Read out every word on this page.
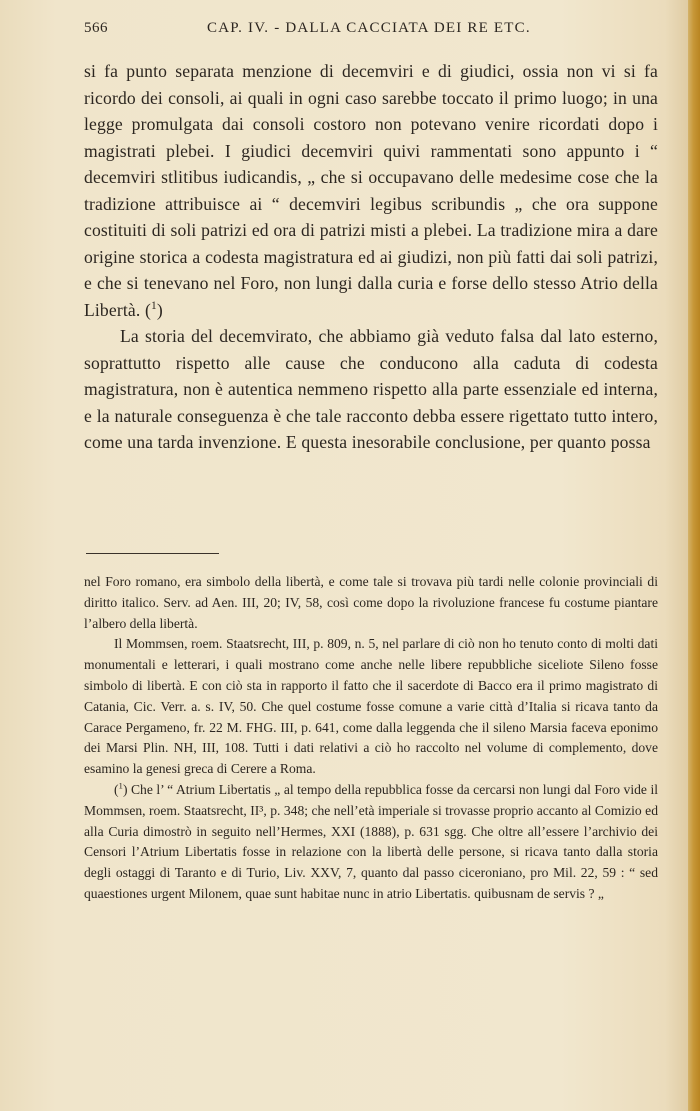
566	CAP. IV. - DALLA CACCIATA DEI RE ETC.

si fa punto separata menzione di decemviri e di giudici, ossia non vi si fa ricordo dei consoli, ai quali in ogni caso sarebbe toccato il primo luogo; in una legge promulgata dai consoli costoro non potevano venire ricordati dopo i magistrati plebei. I giudici decemviri quivi rammentati sono appunto i “ decemviri stlitibus iudicandis, „ che si occupavano delle medesime cose che la tradizione attribuisce ai “ decemviri legibus scribundis „ che ora suppone costituiti di soli patrizi ed ora di patrizi misti a plebei. La tradizione mira a dare origine storica a codesta magistratura ed ai giudizi, non più fatti dai soli patrizi, e che si tenevano nel Foro, non lungi dalla curia e forse dello stesso Atrio della Libertà. ($^1$)

La storia del decemvirato, che abbiamo già veduto falsa dal lato esterno, soprattutto rispetto alle cause che conducono alla caduta di codesta magistratura, non è autentica nemmeno rispetto alla parte essenziale ed interna, e la naturale conseguenza è che tale racconto debba essere rigettato tutto intero, come una tarda invenzione. E questa inesorabile conclusione, per quanto possa

nel Foro romano, era simbolo della libertà, e come tale si trovava più tardi nelle colonie provinciali di diritto italico. Serv. ad Aen. III, 20; IV, 58, così come dopo la rivoluzione francese fu costume piantare l’albero della libertà.

Il Mommsen, roem. Staatsrecht, III, p. 809, n. 5, nel parlare di ciò non ho tenuto conto di molti dati monumentali e letterari, i quali mostrano come anche nelle libere repubbliche siceliote Sileno fosse simbolo di libertà. E con ciò sta in rapporto il fatto che il sacerdote di Bacco era il primo magistrato di Catania, Cic. Verr. a. s. IV, 50. Che quel costume fosse comune a varie città d’Italia si ricava tanto da Carace Pergameno, fr. 22 M. FHG. III, p. 641, come dalla leggenda che il sileno Marsia faceva eponimo dei Marsi Plin. NH, III, 108. Tutti i dati relativi a ciò ho raccolto nel volume di complemento, dove esamino la genesi greca di Cerere a Roma.

($^1$) Che l’ “ Atrium Libertatis „ al tempo della repubblica fosse da cercarsi non lungi dal Foro vide il Mommsen, roem. Staatsrecht, II³, p. 348; che nell’età imperiale si trovasse proprio accanto al Comizio ed alla Curia dimostrò in seguito nell’Hermes, XXI (1888), p. 631 sgg. Che oltre all’essere l’archivio dei Censori l’Atrium Libertatis fosse in relazione con la libertà delle persone, si ricava tanto dalla storia degli ostaggi di Taranto e di Turio, Liv. XXV, 7, quanto dal passo ciceroniano, pro Mil. 22, 59 : “ sed quaestiones urgent Milonem, quae sunt habitae nunc in atrio Libertatis. quibusnam de servis ? „
